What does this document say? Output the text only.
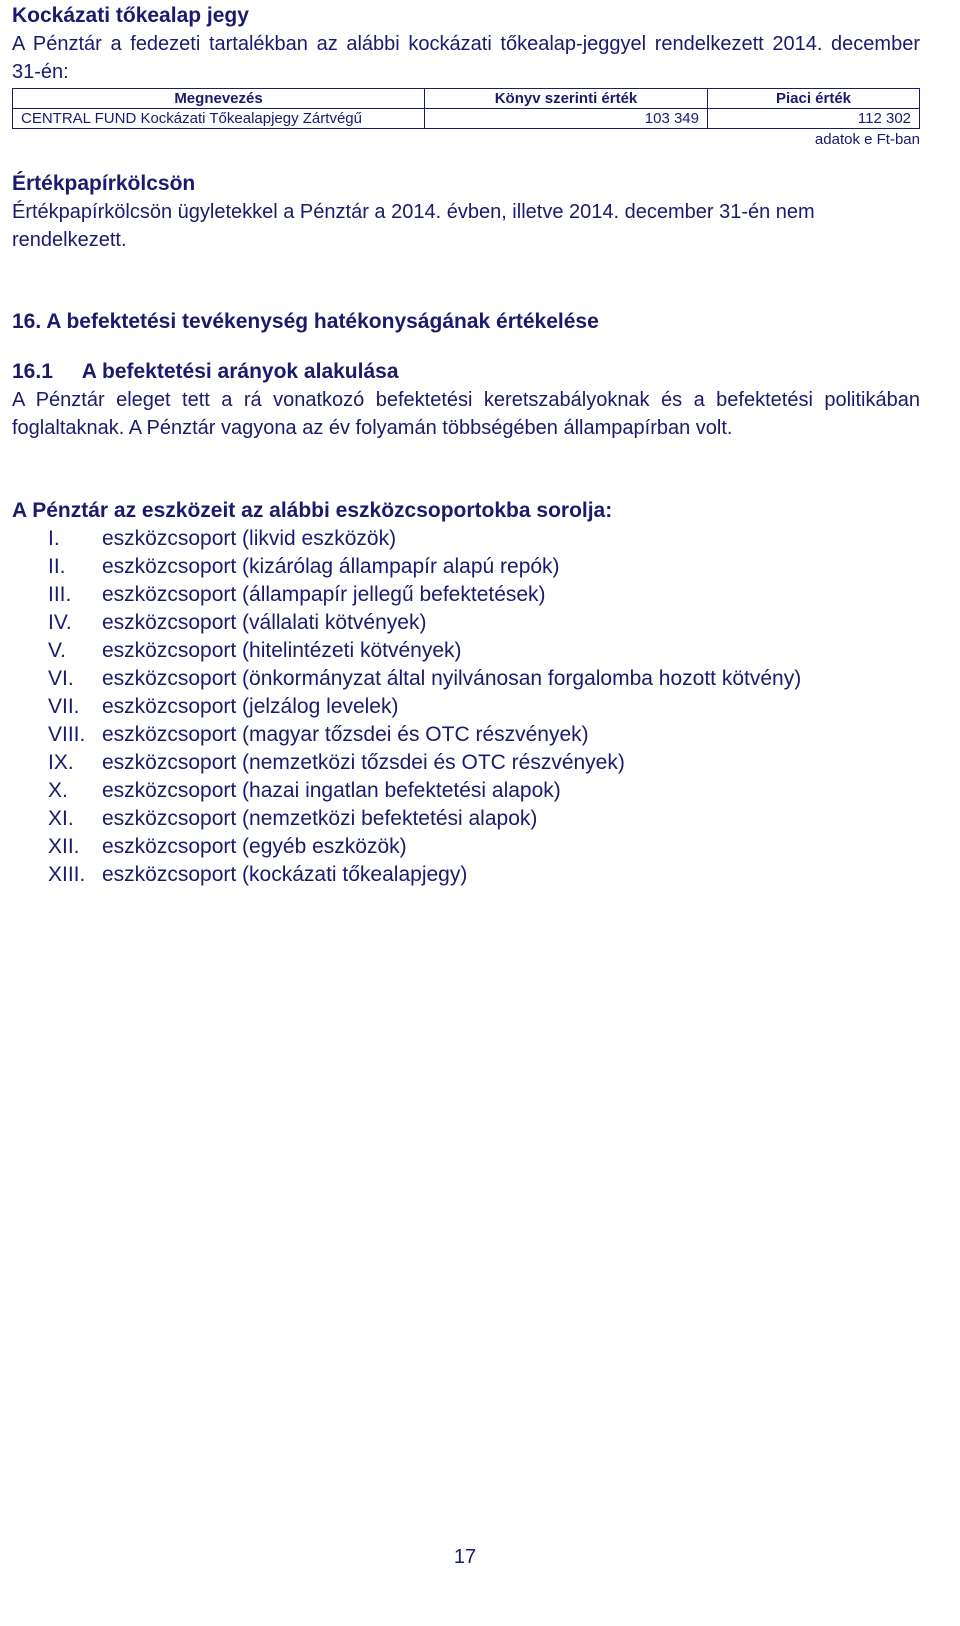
Kockázati tőkealap jegy

A Pénztár a fedezeti tartalékban az alábbi kockázati tőkealap-jeggyel rendelkezett 2014. december 31-én:

Megnevezés	Könyv szerinti érték	Piaci érték
CENTRAL FUND Kockázati Tőkealapjegy Zártvégű	103 349	112 302
adatok e Ft-ban
Értékpapírkölcsön

Értékpapírkölcsön ügyletekkel a Pénztár a 2014. évben, illetve 2014. december 31-én nem rendelkezett.

16. A befektetési tevékenység hatékonyságának értékelése
16.1 A befektetési arányok alakulása

A Pénztár eleget tett a rá vonatkozó befektetési keretszabályoknak és a befektetési politikában foglaltaknak. A Pénztár vagyona az év folyamán többségében állampapírban volt.

A Pénztár az eszközeit az alábbi eszközcsoportokba sorolja:
I.	eszközcsoport (likvid eszközök)
II.	eszközcsoport (kizárólag állampapír alapú repók)
III.	eszközcsoport (állampapír jellegű befektetések)
IV.	eszközcsoport (vállalati kötvények)
V.	eszközcsoport (hitelintézeti kötvények)
VI.	eszközcsoport (önkormányzat által nyilvánosan forgalomba hozott kötvény)
VII.	eszközcsoport (jelzálog levelek)
VIII. eszközcsoport (magyar tőzsdei és OTC részvények)
IX.	eszközcsoport (nemzetközi tőzsdei és OTC részvények)
X.	eszközcsoport (hazai ingatlan befektetési alapok)
XI.	eszközcsoport (nemzetközi befektetési alapok)
XII.	eszközcsoport (egyéb eszközök)
XIII. eszközcsoport (kockázati tőkealapjegy)
17
